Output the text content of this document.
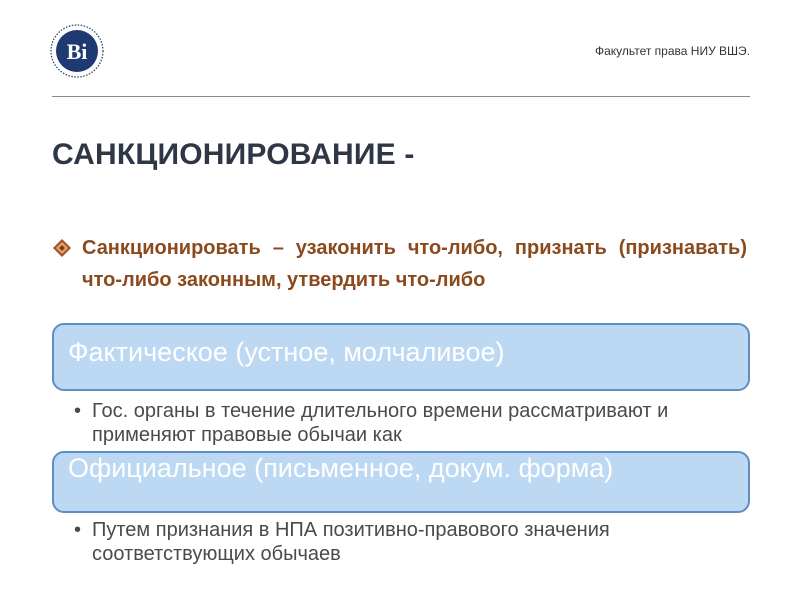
Ві	Факультет права НИУ ВШЭ.
САНКЦИОНИРОВАНИЕ -
Санкционировать – узаконить что-либо, признать (признавать) что-либо законным, утвердить что-либо
Фактическое (устное, молчаливое)
• Гос. органы в течение длительного времени рассматривают и применяют правовые обычаи как
Официальное (письменное, докум. форма)
• Путем признания в НПА позитивно-правового значения соответствующих обычаев
